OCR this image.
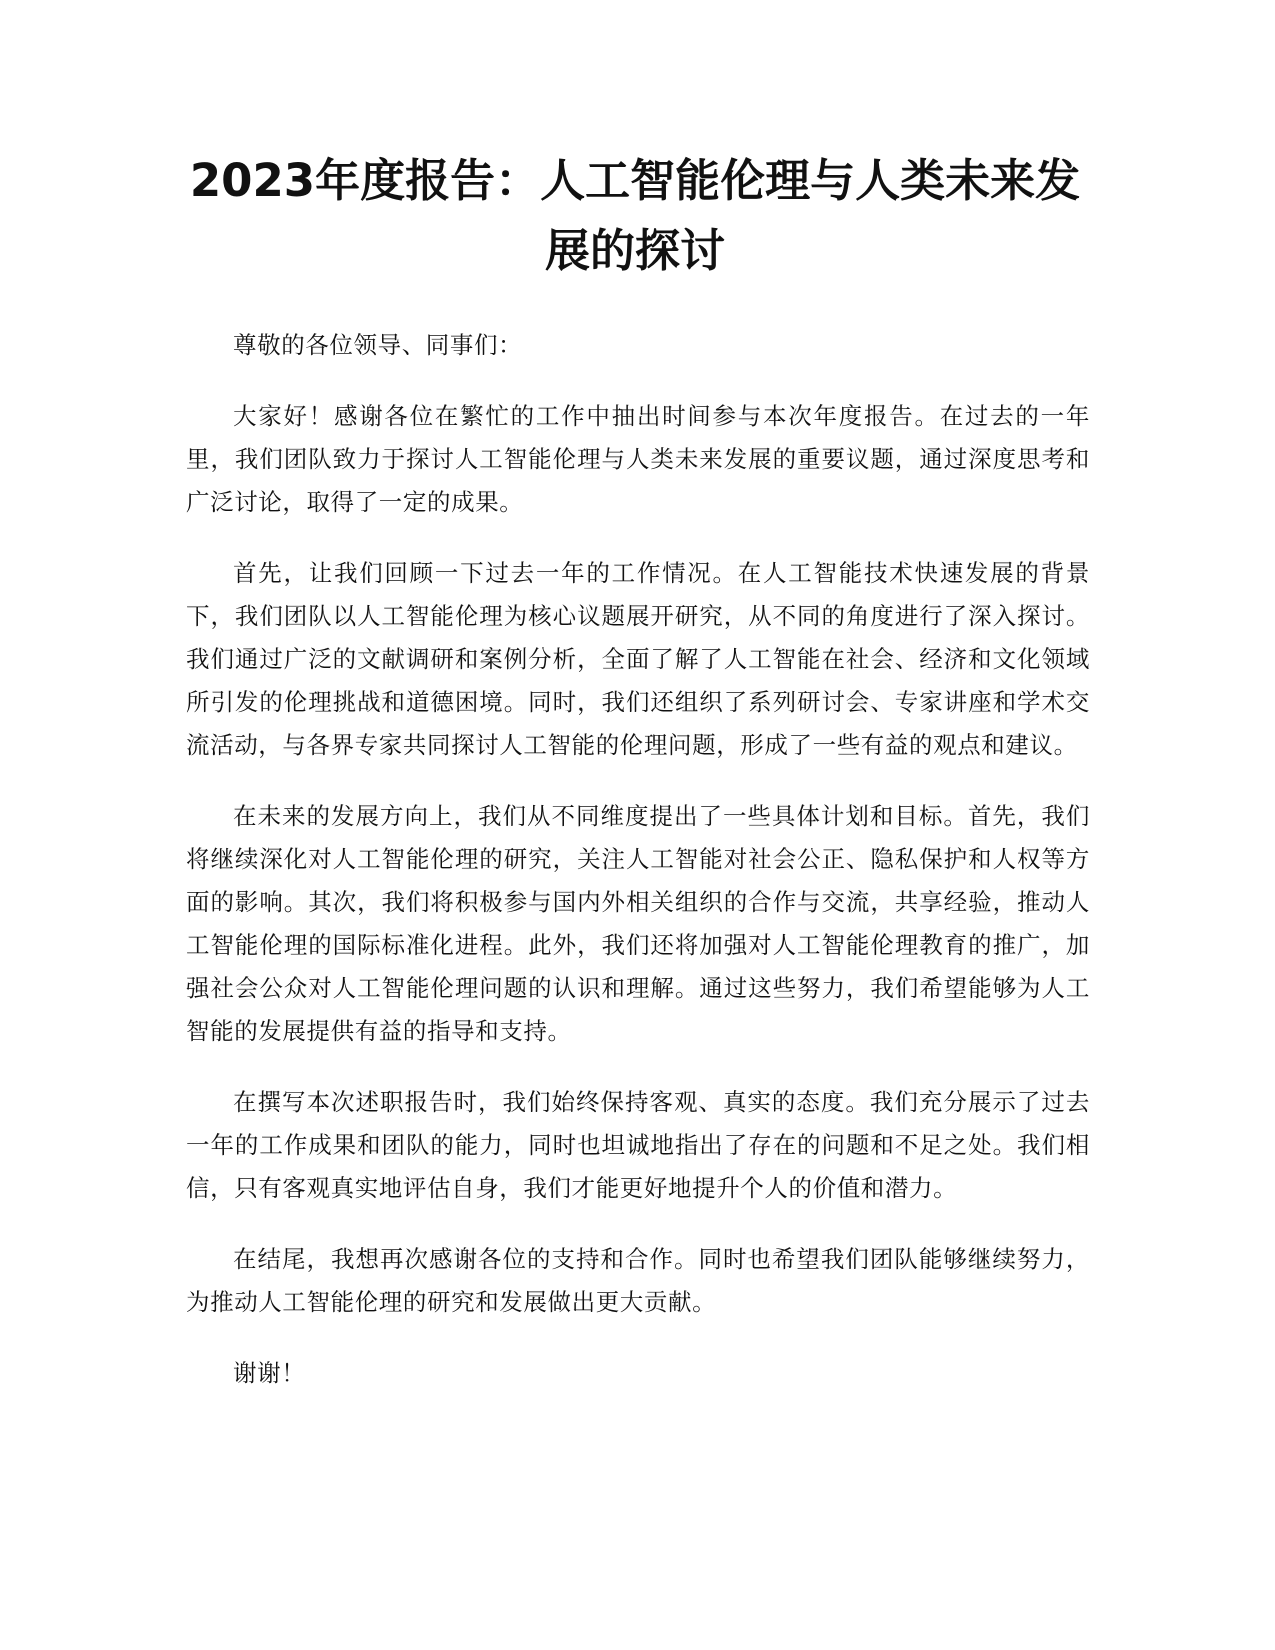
2023年度报告：人工智能伦理与人类未来发展的探讨

尊敬的各位领导、同事们：

大家好！感谢各位在繁忙的工作中抽出时间参与本次年度报告。在过去的一年里，我们团队致力于探讨人工智能伦理与人类未来发展的重要议题，通过深度思考和广泛讨论，取得了一定的成果。

首先，让我们回顾一下过去一年的工作情况。在人工智能技术快速发展的背景下，我们团队以人工智能伦理为核心议题展开研究，从不同的角度进行了深入探讨。我们通过广泛的文献调研和案例分析，全面了解了人工智能在社会、经济和文化领域所引发的伦理挑战和道德困境。同时，我们还组织了系列研讨会、专家讲座和学术交流活动，与各界专家共同探讨人工智能的伦理问题，形成了一些有益的观点和建议。

在未来的发展方向上，我们从不同维度提出了一些具体计划和目标。首先，我们将继续深化对人工智能伦理的研究，关注人工智能对社会公正、隐私保护和人权等方面的影响。其次，我们将积极参与国内外相关组织的合作与交流，共享经验，推动人工智能伦理的国际标准化进程。此外，我们还将加强对人工智能伦理教育的推广，加强社会公众对人工智能伦理问题的认识和理解。通过这些努力，我们希望能够为人工智能的发展提供有益的指导和支持。

在撰写本次述职报告时，我们始终保持客观、真实的态度。我们充分展示了过去一年的工作成果和团队的能力，同时也坦诚地指出了存在的问题和不足之处。我们相信，只有客观真实地评估自身，我们才能更好地提升个人的价值和潜力。

在结尾，我想再次感谢各位的支持和合作。同时也希望我们团队能够继续努力，为推动人工智能伦理的研究和发展做出更大贡献。

谢谢！
